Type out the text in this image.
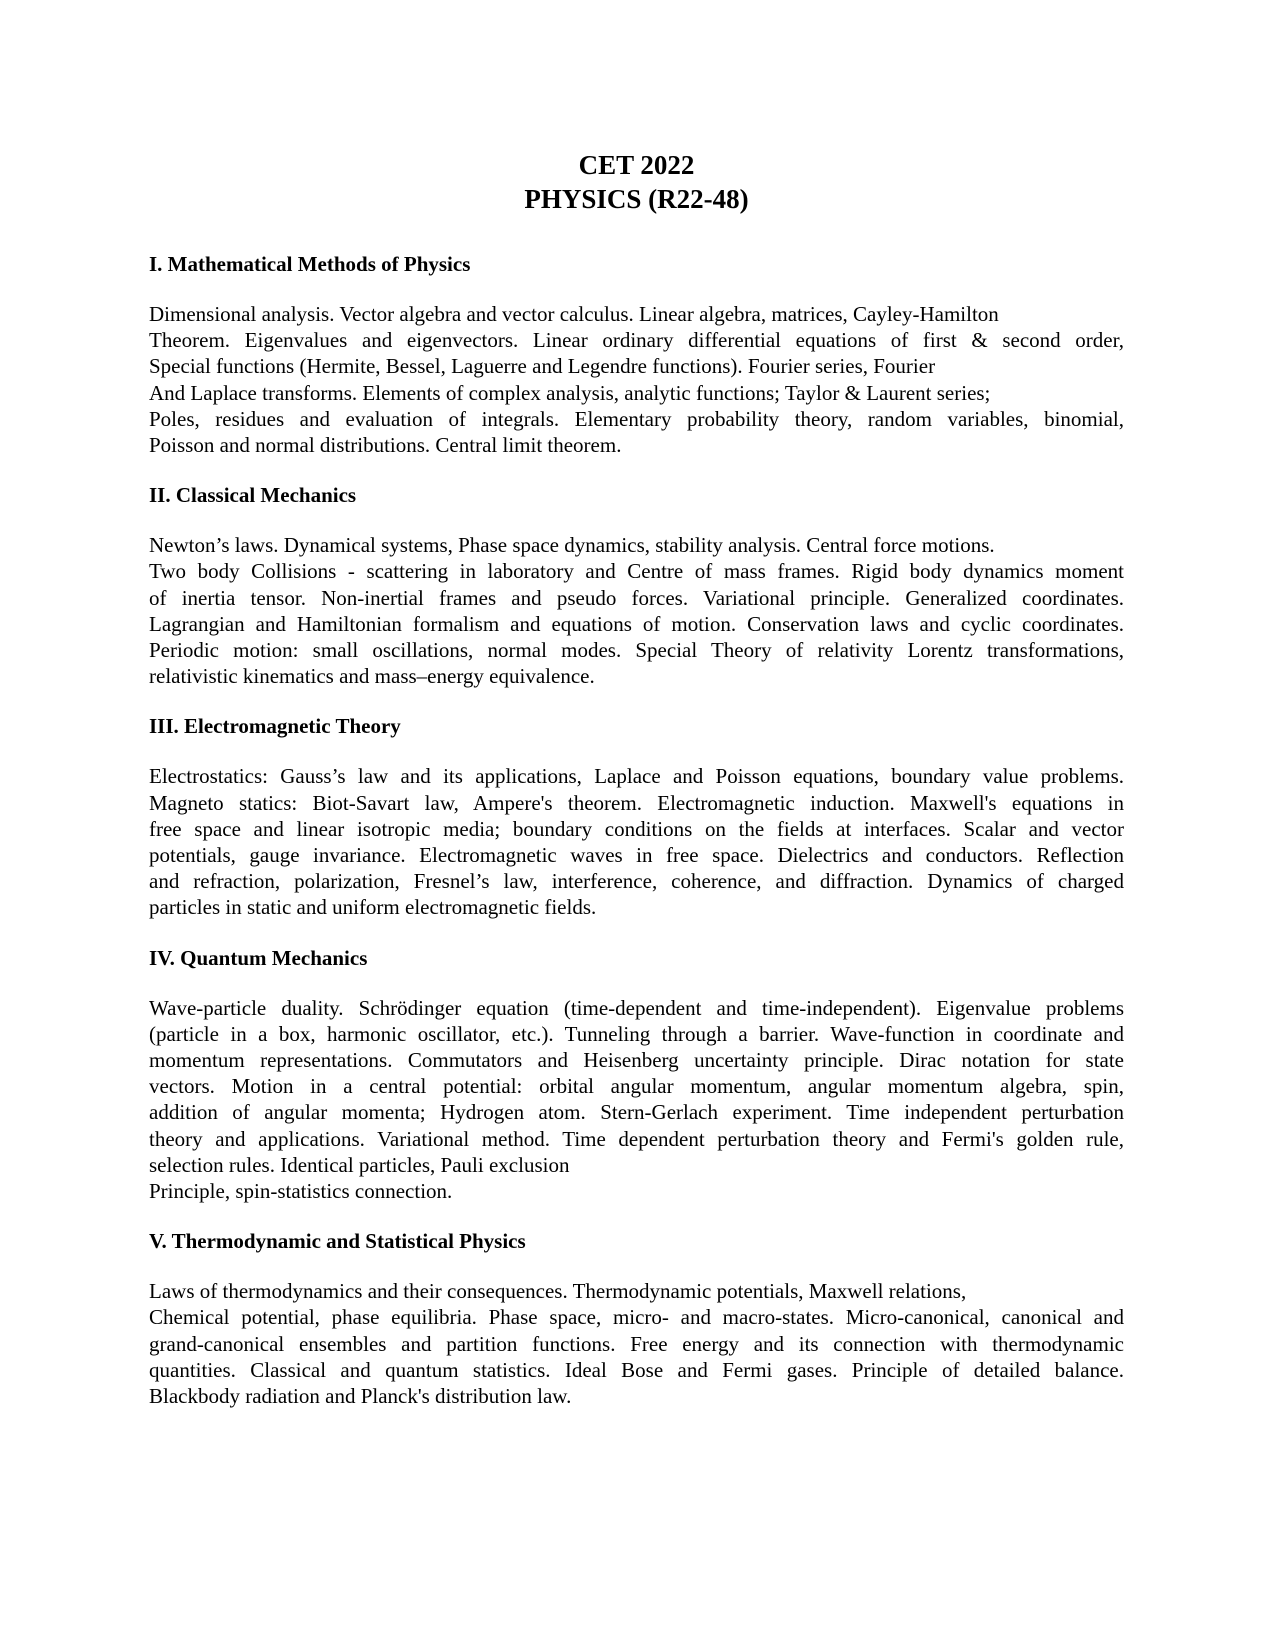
CET 2022

PHYSICS (R22-48)

I. Mathematical Methods of Physics

Dimensional analysis. Vector algebra and vector calculus. Linear algebra, matrices, Cayley-Hamilton
Theorem. Eigenvalues and eigenvectors. Linear ordinary differential equations of first & second order,
Special functions (Hermite, Bessel, Laguerre and Legendre functions). Fourier series, Fourier
And Laplace transforms. Elements of complex analysis, analytic functions; Taylor & Laurent series;
Poles, residues and evaluation of integrals. Elementary probability theory, random variables, binomial,
Poisson and normal distributions. Central limit theorem.

II. Classical Mechanics

Newton’s laws. Dynamical systems, Phase space dynamics, stability analysis. Central force motions.
Two body Collisions - scattering in laboratory and Centre of mass frames. Rigid body dynamics moment
of inertia tensor. Non-inertial frames and pseudo forces. Variational principle. Generalized coordinates.
Lagrangian and Hamiltonian formalism and equations of motion. Conservation laws and cyclic coordinates.
Periodic motion: small oscillations, normal modes. Special Theory of relativity Lorentz transformations,
relativistic kinematics and mass–energy equivalence.

III. Electromagnetic Theory

Electrostatics: Gauss’s law and its applications, Laplace and Poisson equations, boundary value problems.
Magneto statics: Biot-Savart law, Ampere's theorem. Electromagnetic induction. Maxwell's equations in
free space and linear isotropic media; boundary conditions on the fields at interfaces. Scalar and vector
potentials, gauge invariance. Electromagnetic waves in free space. Dielectrics and conductors. Reflection
and refraction, polarization, Fresnel’s law, interference, coherence, and diffraction. Dynamics of charged
particles in static and uniform electromagnetic fields.

IV. Quantum Mechanics

Wave-particle duality. Schrödinger equation (time-dependent and time-independent). Eigenvalue problems
(particle in a box, harmonic oscillator, etc.). Tunneling through a barrier. Wave-function in coordinate and
momentum representations. Commutators and Heisenberg uncertainty principle. Dirac notation for state
vectors. Motion in a central potential: orbital angular momentum, angular momentum algebra, spin,
addition of angular momenta; Hydrogen atom. Stern-Gerlach experiment. Time independent perturbation
theory and applications. Variational method. Time dependent perturbation theory and Fermi's golden rule,
selection rules. Identical particles, Pauli exclusion
Principle, spin-statistics connection.

V. Thermodynamic and Statistical Physics

Laws of thermodynamics and their consequences. Thermodynamic potentials, Maxwell relations,
Chemical potential, phase equilibria. Phase space, micro- and macro-states. Micro-canonical, canonical and
grand-canonical ensembles and partition functions. Free energy and its connection with thermodynamic
quantities. Classical and quantum statistics. Ideal Bose and Fermi gases. Principle of detailed balance.
Blackbody radiation and Planck's distribution law.
